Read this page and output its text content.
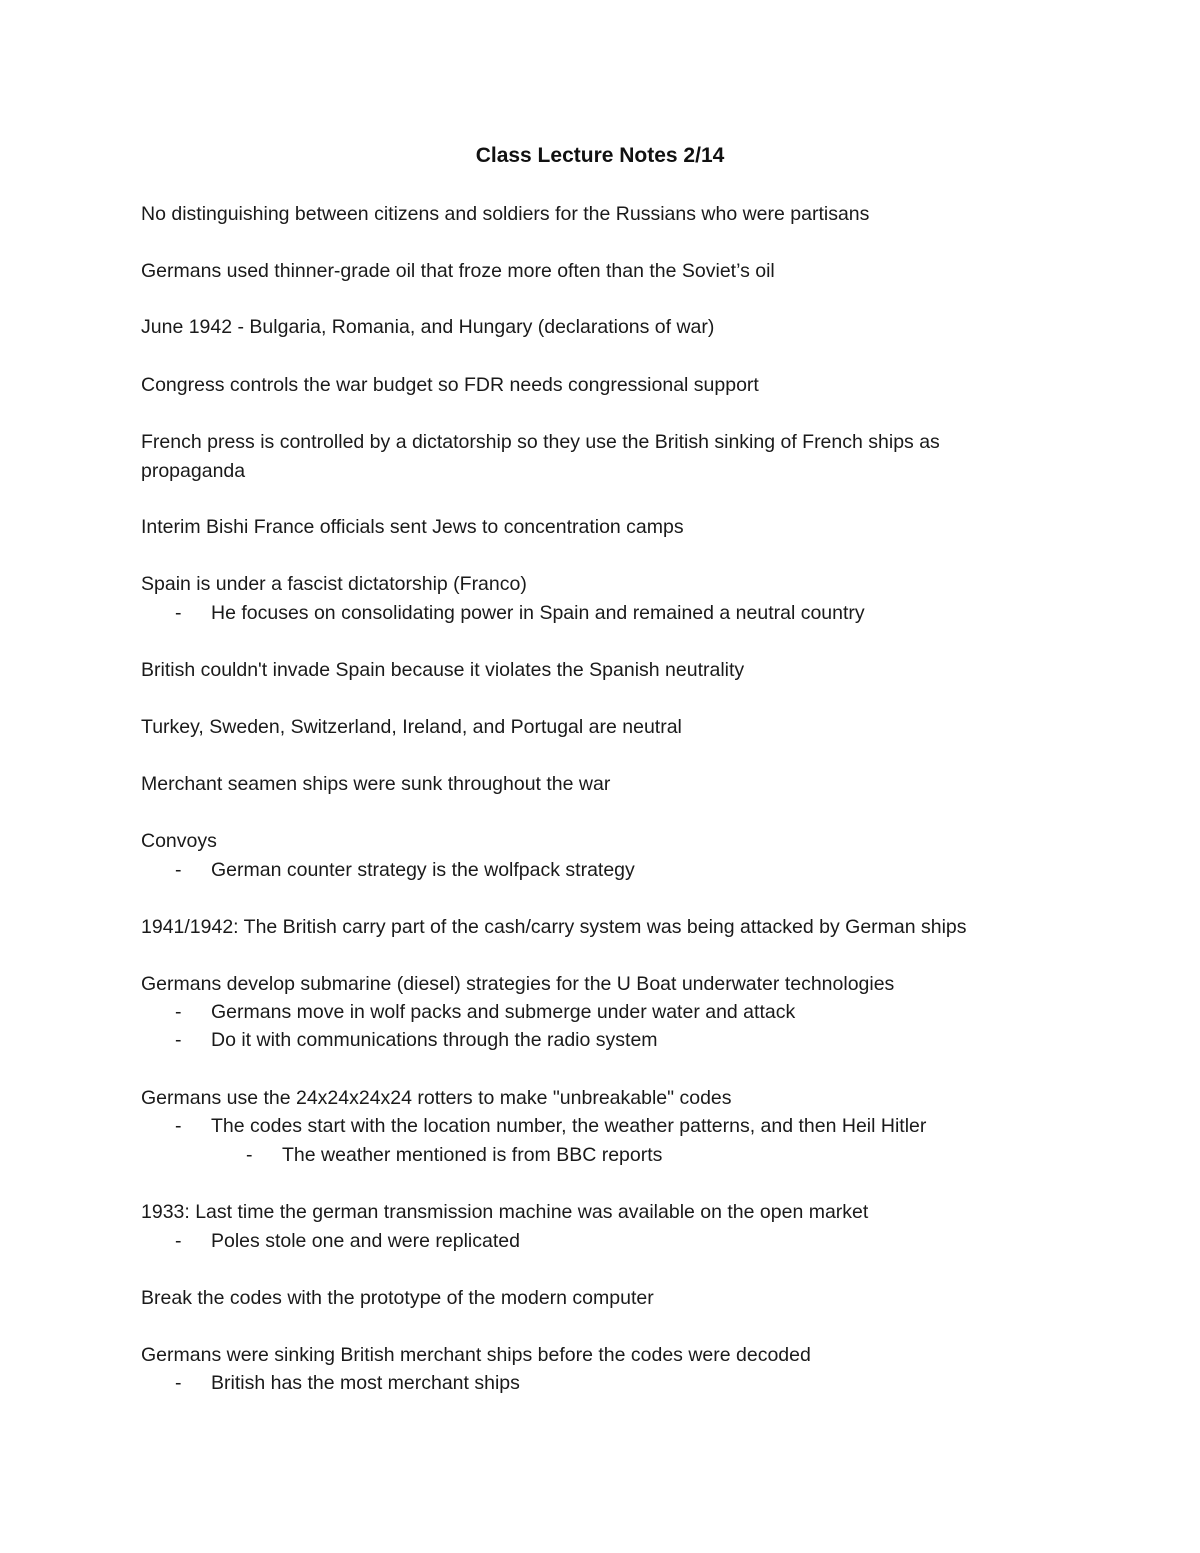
Class Lecture Notes 2/14
No distinguishing between citizens and soldiers for the Russians who were partisans
Germans used thinner-grade oil that froze more often than the Soviet’s oil
June 1942 - Bulgaria, Romania, and Hungary (declarations of war)
Congress controls the war budget so FDR needs congressional support
French press is controlled by a dictatorship so they use the British sinking of French ships as propaganda
Interim Bishi France officials sent Jews to concentration camps
Spain is under a fascist dictatorship (Franco)
- He focuses on consolidating power in Spain and remained a neutral country
British couldn't invade Spain because it violates the Spanish neutrality
Turkey, Sweden, Switzerland, Ireland, and Portugal are neutral
Merchant seamen ships were sunk throughout the war
Convoys
- German counter strategy is the wolfpack strategy
1941/1942: The British carry part of the cash/carry system was being attacked by German ships
Germans develop submarine (diesel) strategies for the U Boat underwater technologies
- Germans move in wolf packs and submerge under water and attack
- Do it with communications through the radio system
Germans use the 24x24x24x24 rotters to make "unbreakable" codes
- The codes start with the location number, the weather patterns, and then Heil Hitler
- The weather mentioned is from BBC reports
1933: Last time the german transmission machine was available on the open market
- Poles stole one and were replicated
Break the codes with the prototype of the modern computer
Germans were sinking British merchant ships before the codes were decoded
- British has the most merchant ships
